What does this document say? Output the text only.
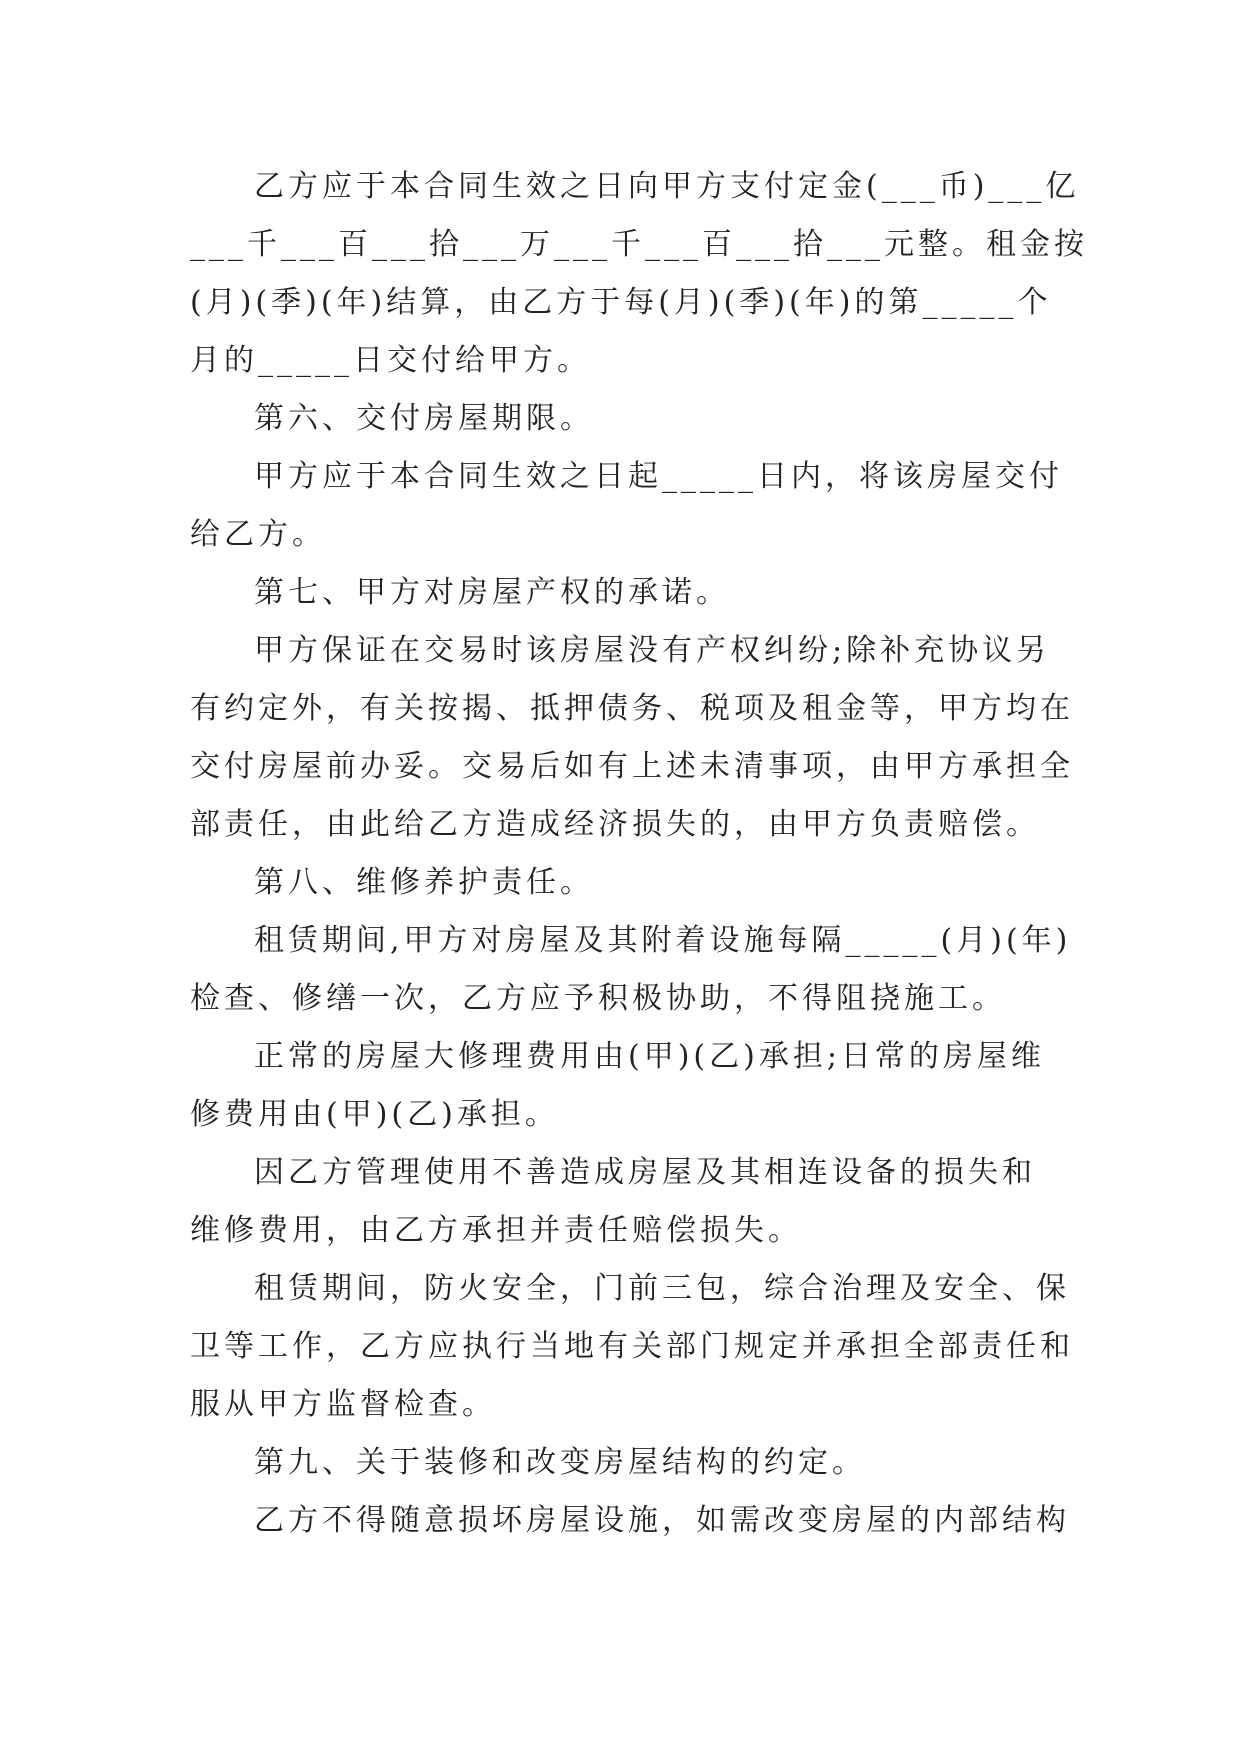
乙方应于本合同生效之日向甲方支付定金(___币)___亿
___千___百___拾___万___千___百___拾___元整。租金按
(月)(季)(年)结算，由乙方于每(月)(季)(年)的第_____个
月的_____日交付给甲方。
第六、交付房屋期限。
甲方应于本合同生效之日起_____日内，将该房屋交付
给乙方。
第七、甲方对房屋产权的承诺。
甲方保证在交易时该房屋没有产权纠纷;除补充协议另
有约定外，有关按揭、抵押债务、税项及租金等，甲方均在
交付房屋前办妥。交易后如有上述未清事项，由甲方承担全
部责任，由此给乙方造成经济损失的，由甲方负责赔偿。
第八、维修养护责任。
租赁期间,甲方对房屋及其附着设施每隔_____(月)(年)
检查、修缮一次，乙方应予积极协助，不得阻挠施工。
正常的房屋大修理费用由(甲)(乙)承担;日常的房屋维
修费用由(甲)(乙)承担。
因乙方管理使用不善造成房屋及其相连设备的损失和
维修费用，由乙方承担并责任赔偿损失。
租赁期间，防火安全，门前三包，综合治理及安全、保
卫等工作，乙方应执行当地有关部门规定并承担全部责任和
服从甲方监督检查。
第九、关于装修和改变房屋结构的约定。
乙方不得随意损坏房屋设施，如需改变房屋的内部结构
